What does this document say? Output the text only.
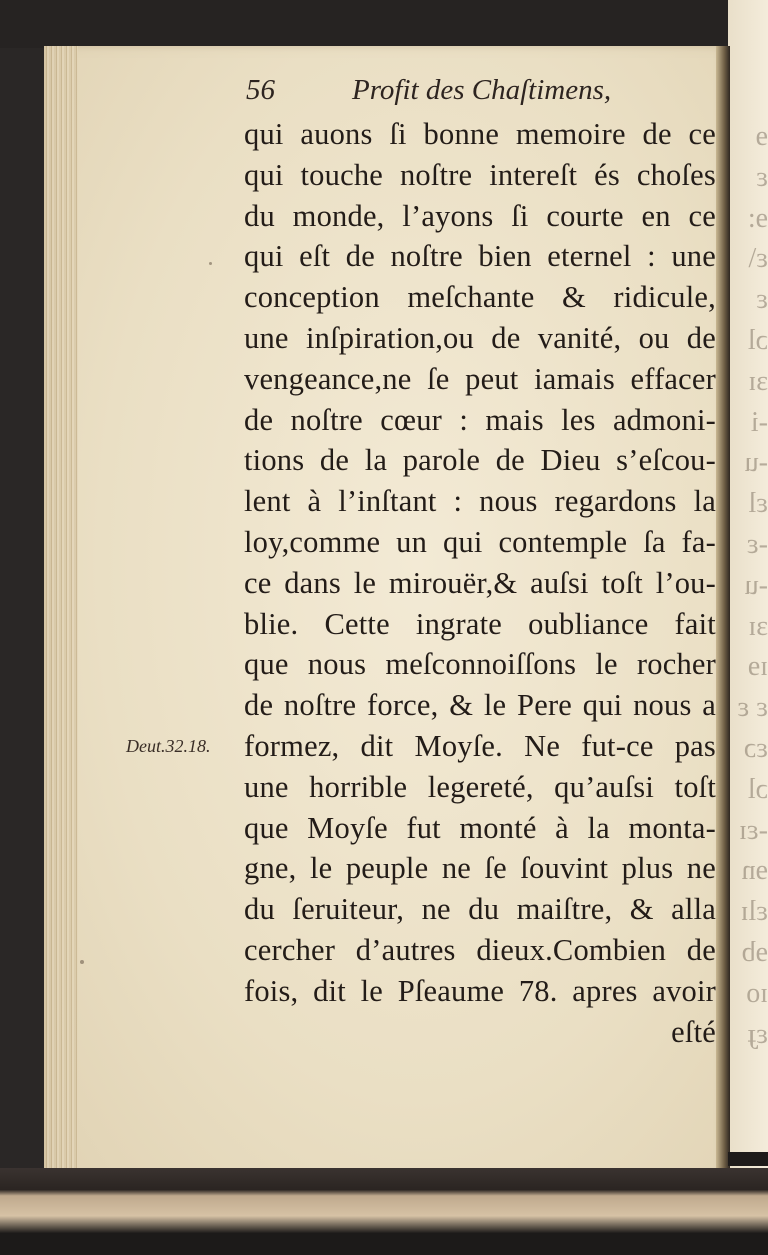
ɘ
ɛ
ɘ:
ɛ\
ɛ
ɔl
ɜɪ
-i
-u
ɛl
-ɛ
-u
ɜɪ
ɪɘ
ɛ ɛ
ɛɔ
ɔl
-ɛɪ
ɘn
ɛlɪ
ɘb
ɪo
ɛɟ
56	Profit des Chaſtimens,
Deut.32.18.
qui auons ſi bonne memoire de ce
qui touche noſtre intereſt és choſes
du monde, l’ayons ſi courte en ce
qui eſt de noſtre bien eternel : une
conception meſchante & ridicule,
une inſpiration,ou de vanité, ou de
vengeance,ne ſe peut iamais effacer
de noſtre cœur : mais les admoni-
tions de la parole de Dieu s’eſcou-
lent à l’inſtant : nous regardons la
loy,comme un qui contemple ſa fa-
ce dans le mirouër,& auſsi toſt l’ou-
blie. Cette ingrate oubliance fait
que nous meſconnoiſſons le rocher
de noſtre force, & le Pere qui nous a
formez, dit Moyſe. Ne fut-ce pas
une horrible legereté, qu’auſsi toſt
que Moyſe fut monté à la monta-
gne, le peuple ne ſe ſouvint plus ne
du ſeruiteur, ne du maiſtre, & alla
cercher d’autres dieux.Combien de
fois, dit le Pſeaume 78. apres avoir
eſté
